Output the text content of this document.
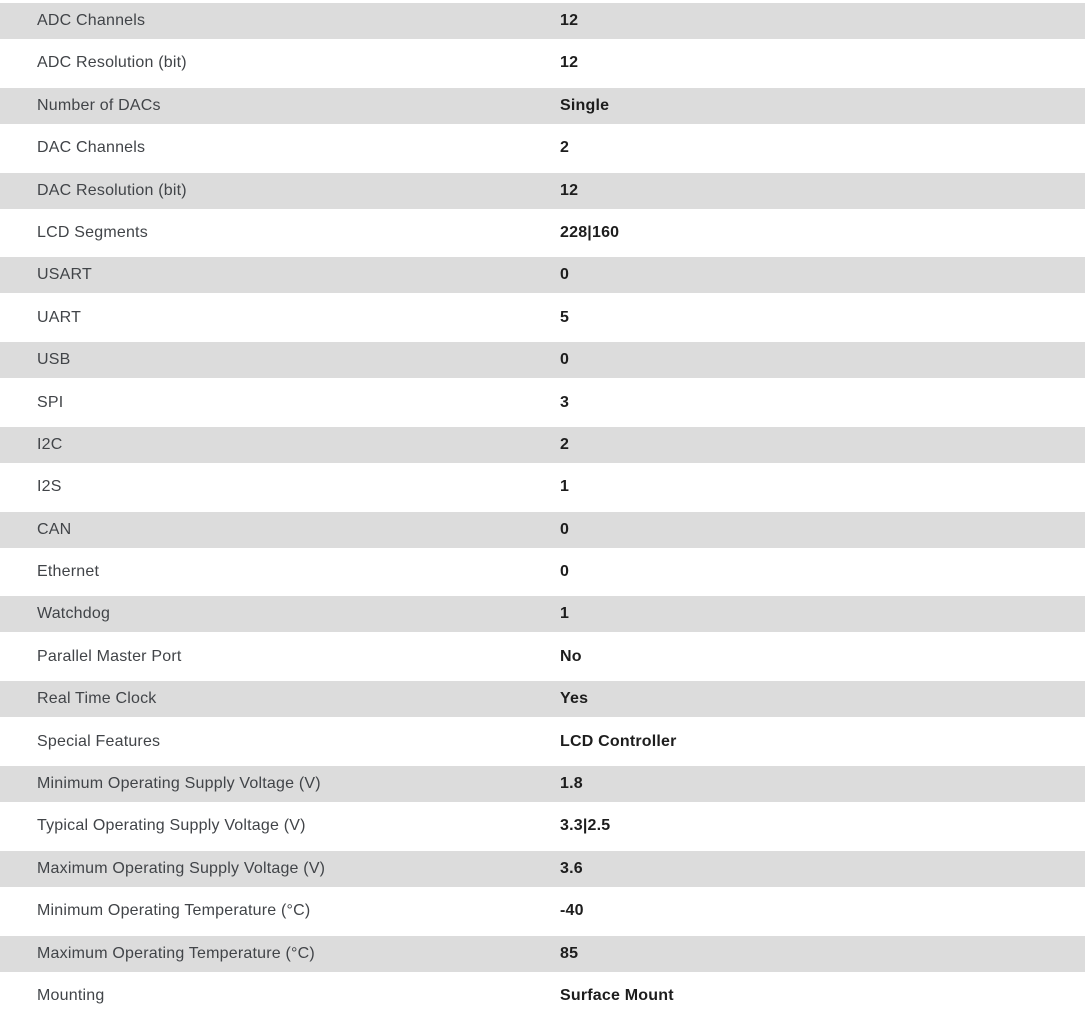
ADC Channels	12
ADC Resolution (bit)	12
Number of DACs	Single
DAC Channels	2
DAC Resolution (bit)	12
LCD Segments	228|160
USART	0
UART	5
USB	0
SPI	3
I2C	2
I2S	1
CAN	0
Ethernet	0
Watchdog	1
Parallel Master Port	No
Real Time Clock	Yes
Special Features	LCD Controller
Minimum Operating Supply Voltage (V)	1.8
Typical Operating Supply Voltage (V)	3.3|2.5
Maximum Operating Supply Voltage (V)	3.6
Minimum Operating Temperature (°C)	-40
Maximum Operating Temperature (°C)	85
Mounting	Surface Mount
